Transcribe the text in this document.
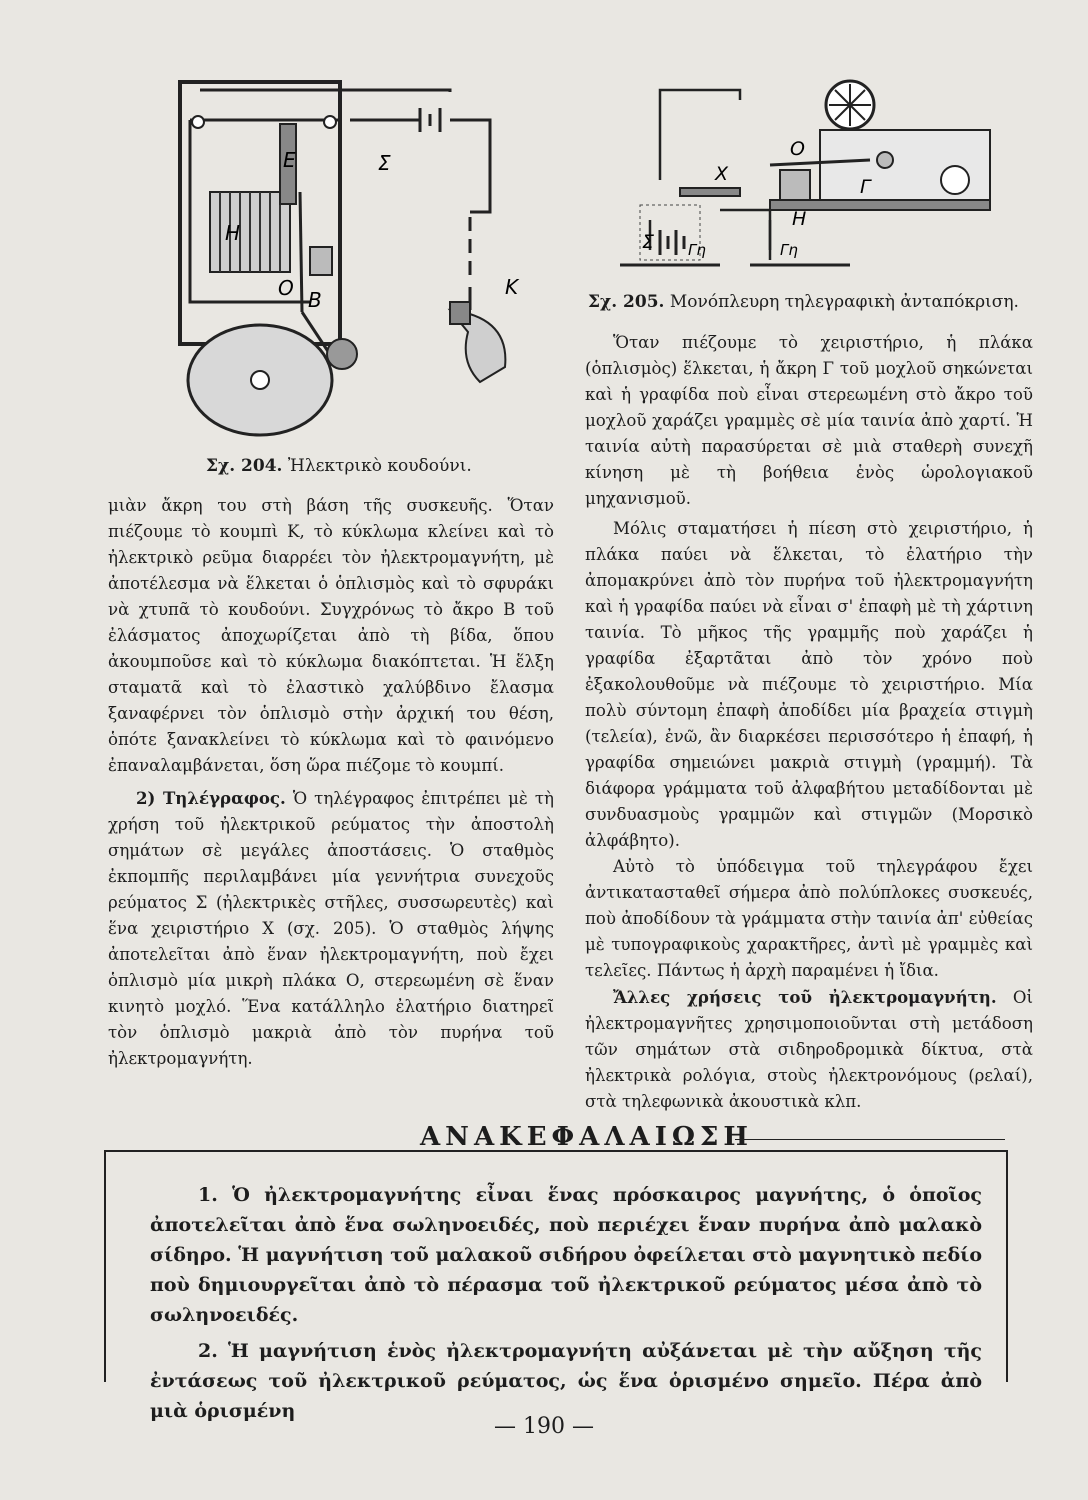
E	Σ
H
O B
K
Σχ. 204. Ἠλεκτρικὸ κουδούνι.
O
X
Γ
H
Σ Γη	Γη
Σχ. 205. Μονόπλευρη τηλεγραφικὴ ἀνταπόκριση.

μιὰν ἄκρη του στὴ βάση τῆς συσκευῆς. Ὅταν πιέζουμε τὸ κουμπὶ Κ, τὸ κύκλωμα κλείνει καὶ τὸ ἠλεκτρικὸ ρεῦμα διαρρέει τὸν ἠλεκτρομαγνήτη, μὲ ἀποτέλεσμα νὰ ἕλκεται ὁ ὁπλισμὸς καὶ τὸ σφυράκι νὰ χτυπᾶ τὸ κουδούνι. Συγχρόνως τὸ ἄκρο Β τοῦ ἐλάσματος ἀποχωρίζεται ἀπὸ τὴ βίδα, ὅπου ἀκουμποῦσε καὶ τὸ κύκλωμα διακόπτεται. Ἡ ἕλξη σταματᾶ καὶ τὸ ἐλαστικὸ χαλύβδινο ἔλασμα ξαναφέρνει τὸν ὁπλισμὸ στὴν ἀρχική του θέση, ὁπότε ξανακλείνει τὸ κύκλωμα καὶ τὸ φαινόμενο ἐπαναλαμβάνεται, ὅση ὥρα πιέζομε τὸ κουμπί.

2) Τηλέγραφος. Ὁ τηλέγραφος ἐπιτρέπει μὲ τὴ χρήση τοῦ ἠλεκτρικοῦ ρεύματος τὴν ἀποστολὴ σημάτων σὲ μεγάλες ἀποστάσεις. Ὁ σταθμὸς ἐκπομπῆς περιλαμβάνει μία γεννήτρια συνεχοῦς ρεύματος Σ (ἠλεκτρικὲς στῆλες, συσσωρευτὲς) καὶ ἕνα χειριστήριο Χ (σχ. 205). Ὁ σταθμὸς λήψης ἀποτελεῖται ἀπὸ ἕναν ἠλεκτρομαγνήτη, ποὺ ἔχει ὁπλισμὸ μία μικρὴ πλάκα Ο, στερεωμένη σὲ ἕναν κινητὸ μοχλό. Ἕνα κατάλληλο ἐλατήριο διατηρεῖ τὸν ὁπλισμὸ μακριὰ ἀπὸ τὸν πυρήνα τοῦ ἠλεκτρομαγνήτη.

Ὅταν πιέζουμε τὸ χειριστήριο, ἡ πλάκα (ὁπλισμὸς) ἕλκεται, ἡ ἄκρη Γ τοῦ μοχλοῦ σηκώνεται καὶ ἡ γραφίδα ποὺ εἶναι στερεωμένη στὸ ἄκρο τοῦ μοχλοῦ χαράζει γραμμὲς σὲ μία ταινία ἀπὸ χαρτί. Ἡ ταινία αὐτὴ παρασύρεται σὲ μιὰ σταθερὴ συνεχῆ κίνηση μὲ τὴ βοήθεια ἑνὸς ὡρολογιακοῦ μηχανισμοῦ.

Μόλις σταματήσει ἡ πίεση στὸ χειριστήριο, ἡ πλάκα παύει νὰ ἕλκεται, τὸ ἐλατήριο τὴν ἀπομακρύνει ἀπὸ τὸν πυρήνα τοῦ ἠλεκτρομαγνήτη καὶ ἡ γραφίδα παύει νὰ εἶναι σ' ἐπαφὴ μὲ τὴ χάρτινη ταινία. Τὸ μῆκος τῆς γραμμῆς ποὺ χαράζει ἡ γραφίδα ἐξαρτᾶται ἀπὸ τὸν χρόνο ποὺ ἐξακολουθοῦμε νὰ πιέζουμε τὸ χειριστήριο. Μία πολὺ σύντομη ἐπαφὴ ἀποδίδει μία βραχεία στιγμὴ (τελεία), ἐνῶ, ἂν διαρκέσει περισσότερο ἡ ἐπαφή, ἡ γραφίδα σημειώνει μακριὰ στιγμὴ (γραμμή). Τὰ διάφορα γράμματα τοῦ ἀλφαβήτου μεταδίδονται μὲ συνδυασμοὺς γραμμῶν καὶ στιγμῶν (Μορσικὸ ἀλφάβητο).

Αὐτὸ τὸ ὑπόδειγμα τοῦ τηλεγράφου ἔχει ἀντικατασταθεῖ σήμερα ἀπὸ πολύπλοκες συσκευές, ποὺ ἀποδίδουν τὰ γράμματα στὴν ταινία ἀπ' εὐθείας μὲ τυπογραφικοὺς χαρακτῆρες, ἀντὶ μὲ γραμμὲς καὶ τελεῖες. Πάντως ἡ ἀρχὴ παραμένει ἡ ἴδια.

Ἄλλες χρήσεις τοῦ ἠλεκτρομαγνήτη. Οἱ ἠλεκτρομαγνῆτες χρησιμοποιοῦνται στὴ μετάδοση τῶν σημάτων στὰ σιδηροδρομικὰ δίκτυα, στὰ ἠλεκτρικὰ ρολόγια, στοὺς ἠλεκτρονόμους (ρελαί), στὰ τηλεφωνικὰ ἀκουστικὰ κλπ.

ΑΝΑΚΕΦΑΛΑΙΩΣΗ

1. Ὁ ἠλεκτρομαγνήτης εἶναι ἕνας πρόσκαιρος μαγνήτης, ὁ ὁποῖος ἀποτελεῖται ἀπὸ ἕνα σωληνοειδές, ποὺ περιέχει ἕναν πυρήνα ἀπὸ μαλακὸ σίδηρο. Ἡ μαγνήτιση τοῦ μαλακοῦ σιδήρου ὀφείλεται στὸ μαγνητικὸ πεδίο ποὺ δημιουργεῖται ἀπὸ τὸ πέρασμα τοῦ ἠλεκτρικοῦ ρεύματος μέσα ἀπὸ τὸ σωληνοειδές.

2. Ἡ μαγνήτιση ἑνὸς ἠλεκτρομαγνήτη αὐξάνεται μὲ τὴν αὔξηση τῆς ἐντάσεως τοῦ ἠλεκτρικοῦ ρεύματος, ὡς ἕνα ὁρισμένο σημεῖο. Πέρα ἀπὸ μιὰ ὁρισμένη

— 190 —
